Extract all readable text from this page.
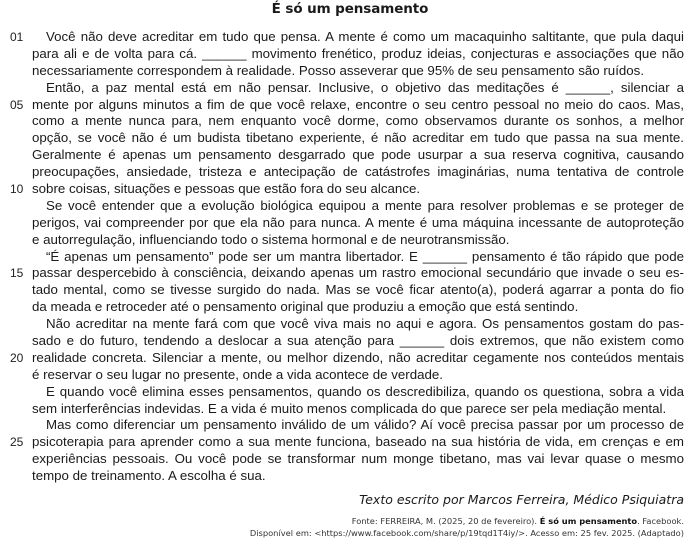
É só um pensamento
01	Você não deve acreditar em tudo que pensa. A mente é como um macaquinho saltitante, que pula daqui
para ali e de volta para cá. ______ movimento frenético, produz ideias, conjecturas e associações que não
necessariamente correspondem à realidade. Posso asseverar que 95% de seu pensamento são ruídos.
Então, a paz mental está em não pensar. Inclusive, o objetivo das meditações é ______, silenciar a
05 mente por alguns minutos a fim de que você relaxe, encontre o seu centro pessoal no meio do caos. Mas,
como a mente nunca para, nem enquanto você dorme, como observamos durante os sonhos, a melhor
opção, se você não é um budista tibetano experiente, é não acreditar em tudo que passa na sua mente.
Geralmente é apenas um pensamento desgarrado que pode usurpar a sua reserva cognitiva, causando
preocupações, ansiedade, tristeza e antecipação de catástrofes imaginárias, numa tentativa de controle
10 sobre coisas, situações e pessoas que estão fora do seu alcance.
Se você entender que a evolução biológica equipou a mente para resolver problemas e se proteger de
perigos, vai compreender por que ela não para nunca. A mente é uma máquina incessante de autoproteção
e autorregulação, influenciando todo o sistema hormonal e de neurotransmissão.
“É apenas um pensamento” pode ser um mantra libertador. E ______ pensamento é tão rápido que pode
15 passar despercebido à consciência, deixando apenas um rastro emocional secundário que invade o seu es-
tado mental, como se tivesse surgido do nada. Mas se você ficar atento(a), poderá agarrar a ponta do fio
da meada e retroceder até o pensamento original que produziu a emoção que está sentindo.
Não acreditar na mente fará com que você viva mais no aqui e agora. Os pensamentos gostam do pas-
sado e do futuro, tendendo a deslocar a sua atenção para ______ dois extremos, que não existem como
20 realidade concreta. Silenciar a mente, ou melhor dizendo, não acreditar cegamente nos conteúdos mentais
é reservar o seu lugar no presente, onde a vida acontece de verdade.
E quando você elimina esses pensamentos, quando os descredibiliza, quando os questiona, sobra a vida
sem interferências indevidas. E a vida é muito menos complicada do que parece ser pela mediação mental.
Mas como diferenciar um pensamento inválido de um válido? Aí você precisa passar por um processo de
25 psicoterapia para aprender como a sua mente funciona, baseado na sua história de vida, em crenças e em
experiências pessoais. Ou você pode se transformar num monge tibetano, mas vai levar quase o mesmo
tempo de treinamento. A escolha é sua.
Texto escrito por Marcos Ferreira, Médico Psiquiatra
Fonte: FERREIRA, M. (2025, 20 de fevereiro). É só um pensamento. Facebook.
Disponível em: <https://www.facebook.com/share/p/19tqd1T4iy/>. Acesso em: 25 fev. 2025. (Adaptado)
